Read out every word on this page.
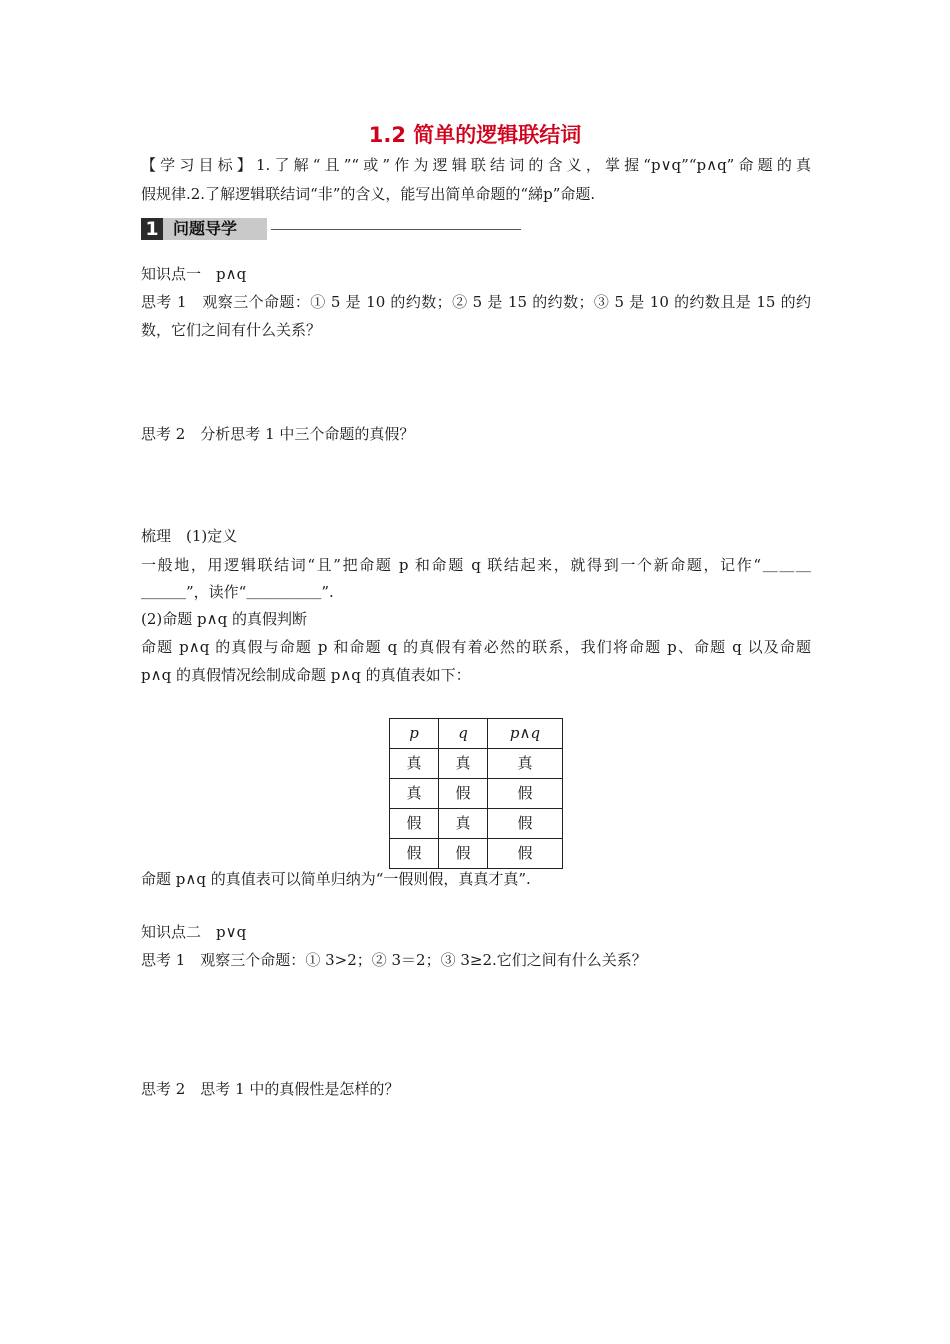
1.2 简单的逻辑联结词
【学习目标】1.了解“且”“或”作为逻辑联结词的含义，掌握“p∨q”“p∧q”命题的真
假规律.2.了解逻辑联结词“非”的含义，能写出简单命题的“綈p”命题.
1 问题导学
知识点一　p∧q
思考 1　观察三个命题：① 5 是 10 的约数；② 5 是 15 的约数；③ 5 是 10 的约数且是 15 的约
数，它们之间有什么关系？
思考 2　分析思考 1 中三个命题的真假？
梳理　(1)定义
一般地，用逻辑联结词“且”把命题 p 和命题 q 联结起来，就得到一个新命题，记作“＿＿＿
＿＿＿”，读作“＿＿＿＿＿”.
(2)命题 p∧q 的真假判断
命题 p∧q 的真假与命题 p 和命题 q 的真假有着必然的联系，我们将命题 p、命题 q 以及命题
p∧q 的真假情况绘制成命题 p∧q 的真值表如下：
p	q	p∧q
真	真	真
真	假	假
假	真	假
假	假	假
命题 p∧q 的真值表可以简单归纳为“一假则假，真真才真”.
知识点二　p∨q
思考 1　观察三个命题：① 3>2；② 3＝2；③ 3≥2.它们之间有什么关系？
思考 2　思考 1 中的真假性是怎样的？
